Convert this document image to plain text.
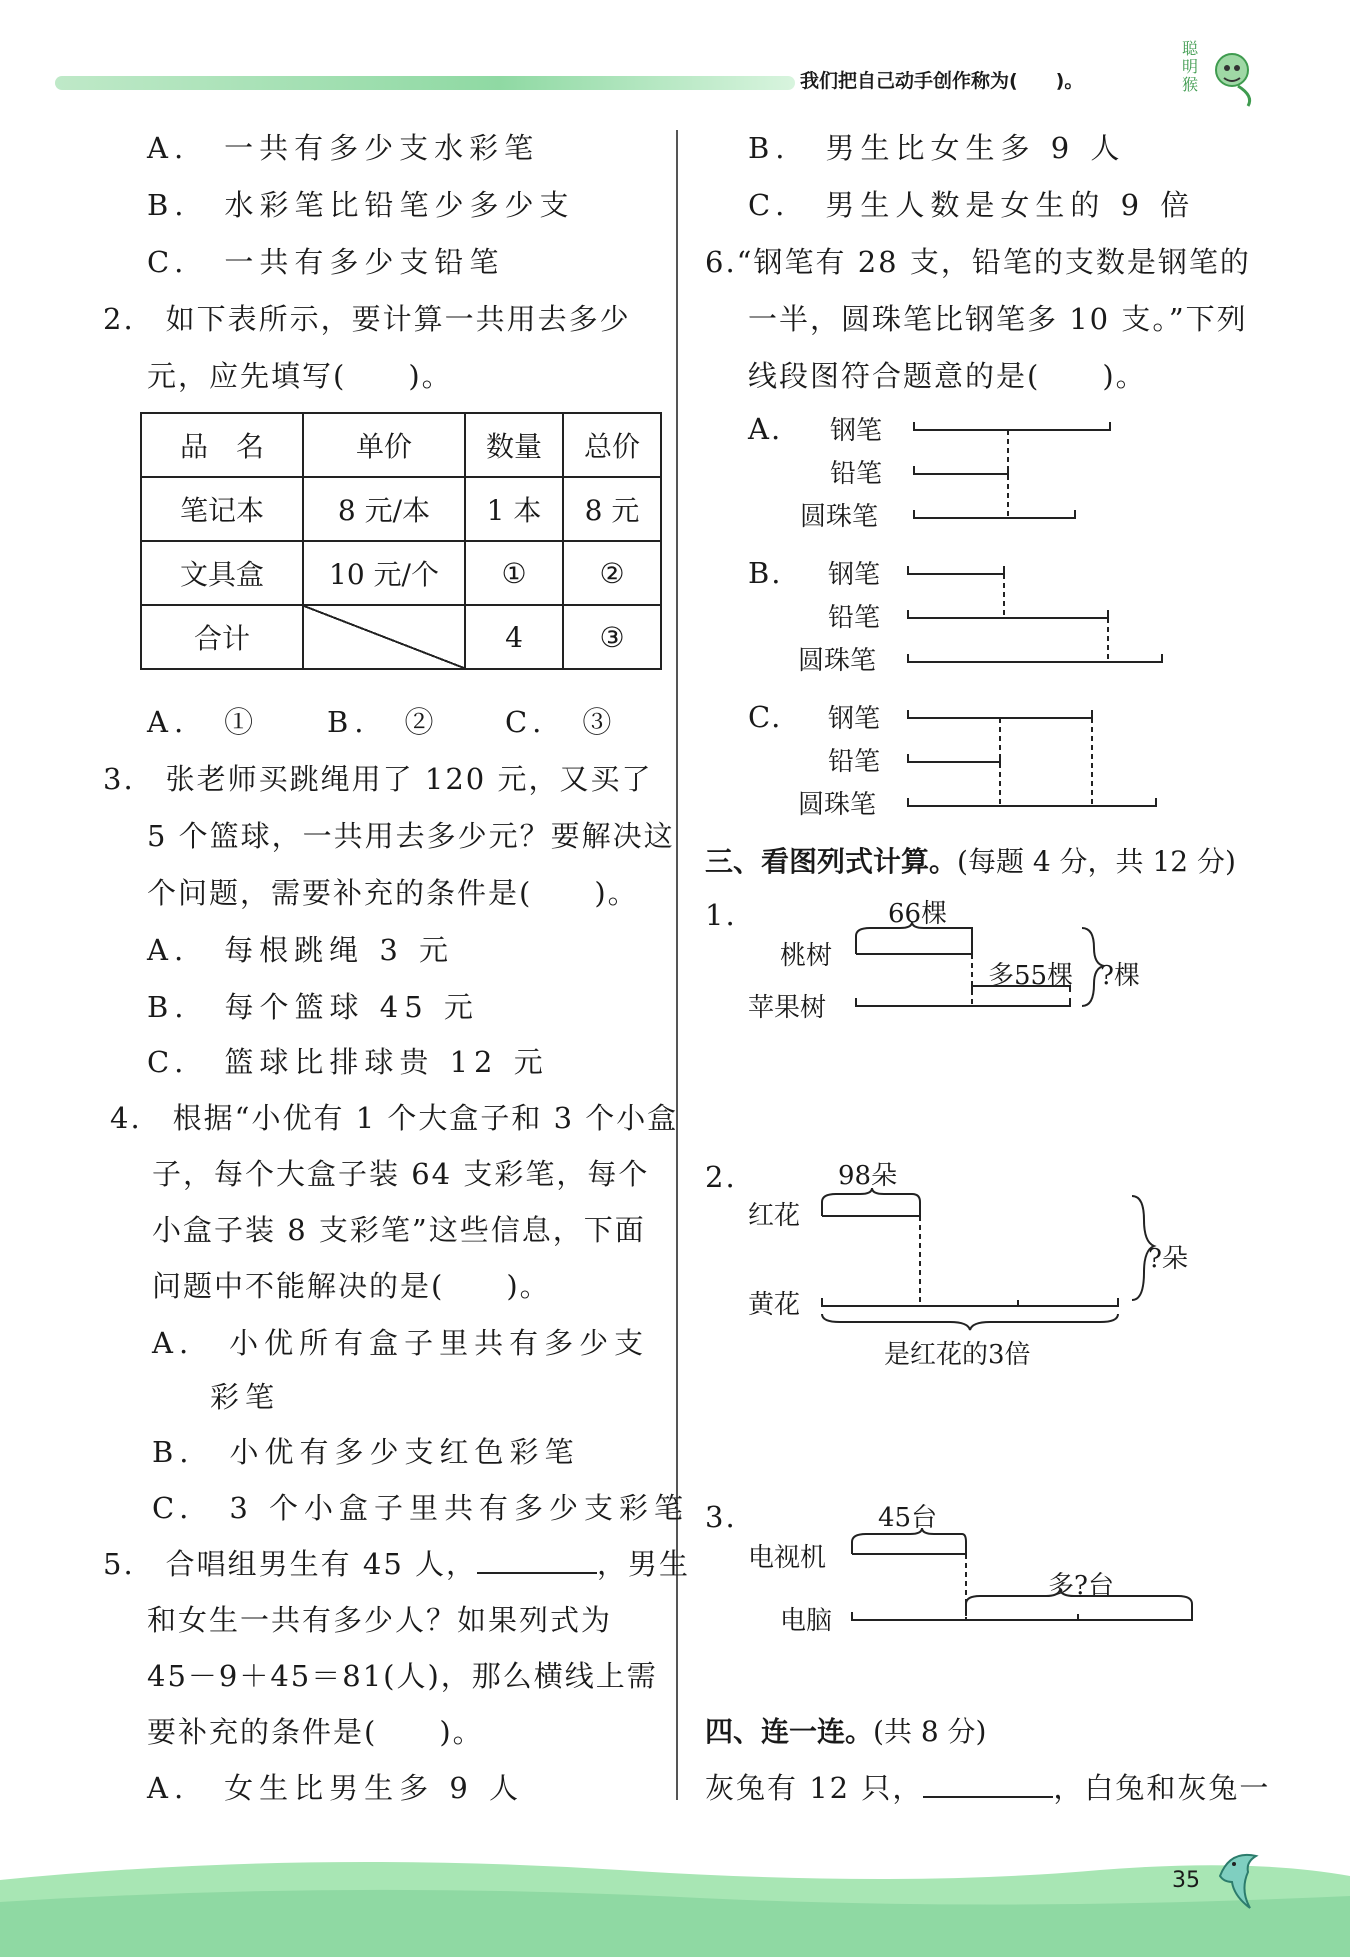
我们把自己动手创作称为(　　)。
聪明猴
A.　一共有多少支水彩笔
B.　水彩笔比铅笔少多少支
C.　一共有多少支铅笔
2.　如下表所示，要计算一共用去多少
元，应先填写(　　)。
品　名	单价	数量	总价
笔记本	8 元/本	1 本	8 元
文具盒	10 元/个	①	②
合计		4	③
A.　① B.　② C.　③
3.　张老师买跳绳用了 120 元，又买了
5 个篮球，一共用去多少元？要解决这
个问题，需要补充的条件是(　　)。
A.　每根跳绳 3 元
B.　每个篮球 45 元
C.　篮球比排球贵 12 元
4.　根据“小优有 1 个大盒子和 3 个小盒
子，每个大盒子装 64 支彩笔，每个
小盒子装 8 支彩笔”这些信息，下面
问题中不能解决的是(　　)。
A.　小优所有盒子里共有多少支
彩笔
B.　小优有多少支红色彩笔
C.　3 个小盒子里共有多少支彩笔
5.　合唱组男生有 45 人，	，男生
和女生一共有多少人？如果列式为
45－9＋45＝81(人)，那么横线上需
要补充的条件是(　　)。
A.　女生比男生多 9 人
B.　男生比女生多 9 人
C.　男生人数是女生的 9 倍
6.“钢笔有 28 支，铅笔的支数是钢笔的
一半，圆珠笔比钢笔多 10 支。”下列
线段图符合题意的是(　　)。
A. 钢笔
铅笔
圆珠笔
B. 钢笔
铅笔
圆珠笔
C. 钢笔
铅笔
圆珠笔
三、看图列式计算。(每题 4 分，共 12 分)
1.	66棵
桃树
苹果树
多55棵 ?棵
2.	98朵
红花
黄花
?朵
是红花的3倍
3.	45台
电视机
电脑
多?台
四、连一连。(共 8 分)
灰兔有 12 只，	，白兔和灰兔一
35
